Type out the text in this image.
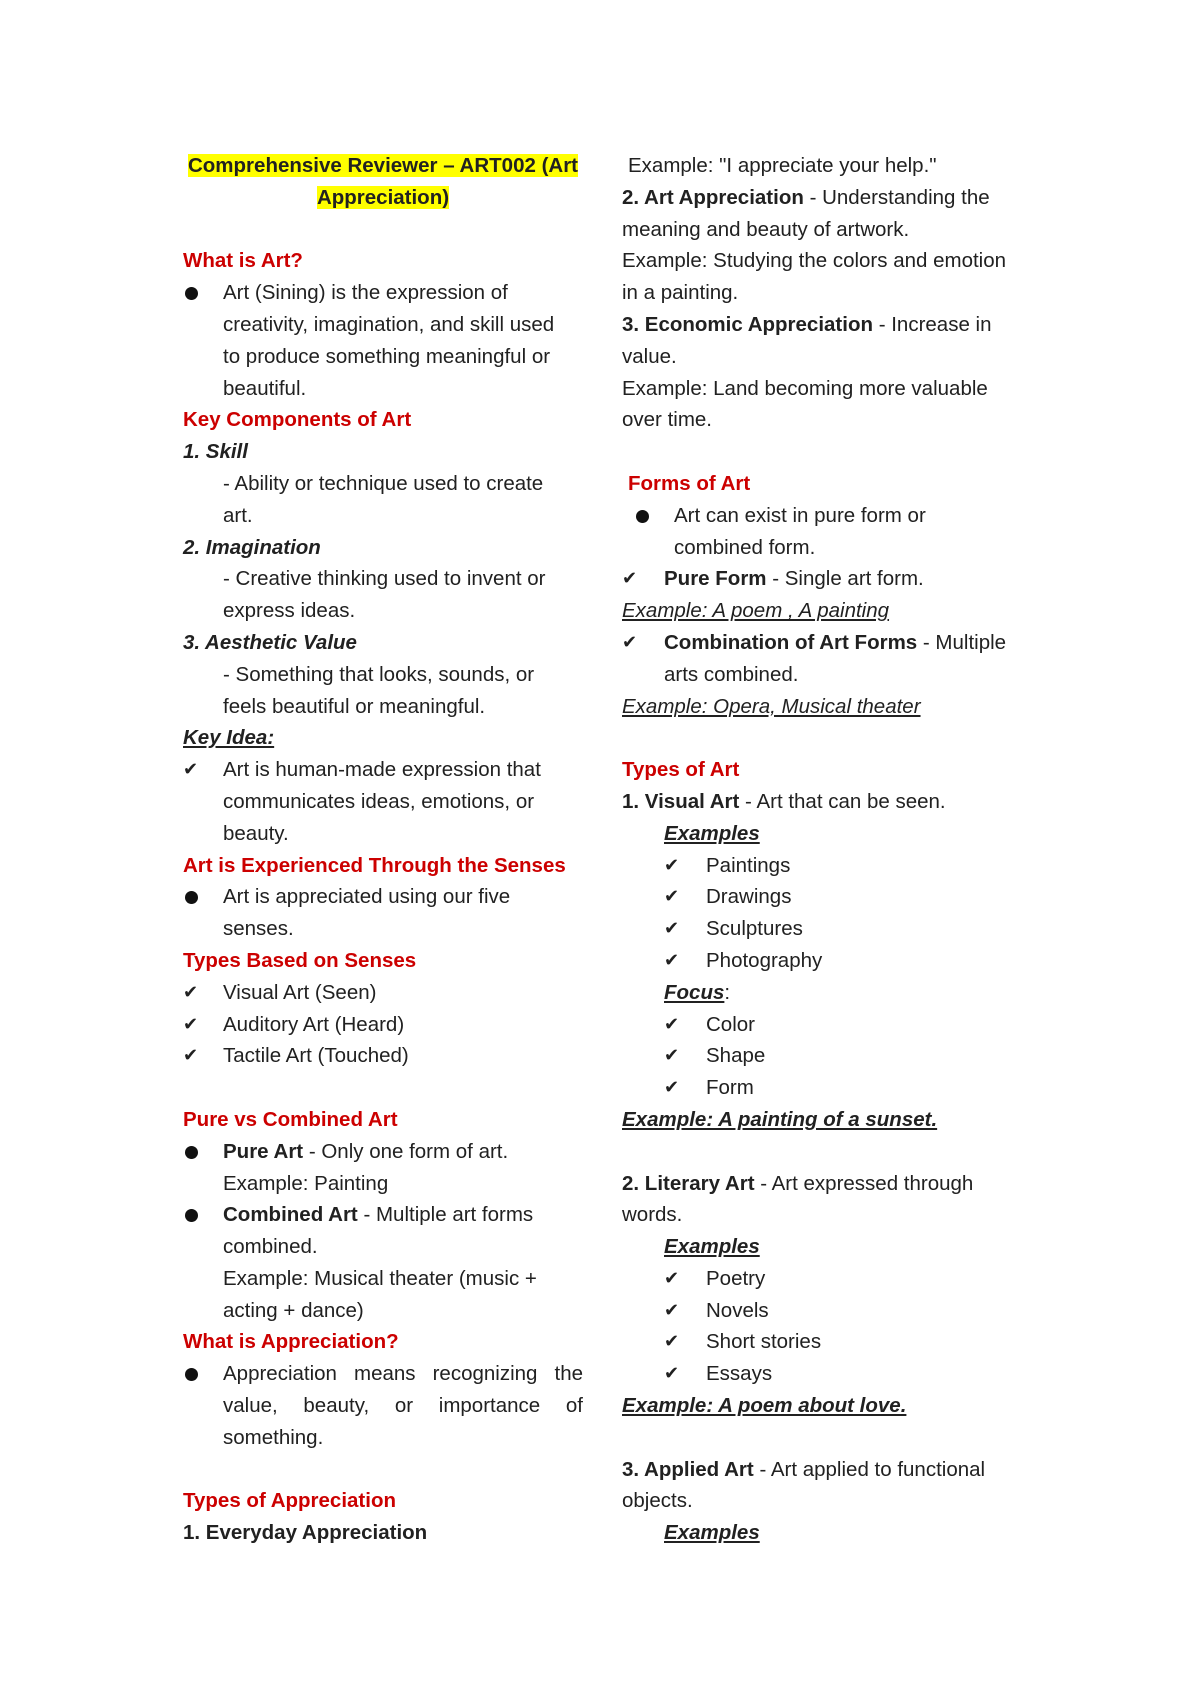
Comprehensive Reviewer – ART002 (Art
Appreciation)
What is Art?
Art (Sining) is the expression of
creativity, imagination, and skill used
to produce something meaningful or
beautiful.
Key Components of Art
1. Skill
- Ability or technique used to create
art.
2. Imagination
- Creative thinking used to invent or
express ideas.
3. Aesthetic Value
- Something that looks, sounds, or
feels beautiful or meaningful.
Key Idea:
✔	Art is human-made expression that
communicates ideas, emotions, or
beauty.
Art is Experienced Through the Senses
Art is appreciated using our five
senses.
Types Based on Senses
✔	Visual Art (Seen)
✔	Auditory Art (Heard)
✔	Tactile Art (Touched)
Pure vs Combined Art
Pure Art - Only one form of art.
Example: Painting
Combined Art - Multiple art forms
combined.
Example: Musical theater (music +
acting + dance)
What is Appreciation?
Appreciation means recognizing the value, beauty, or importance of something.
Types of Appreciation
1. Everyday Appreciation
Example: "I appreciate your help."
2. Art Appreciation - Understanding the
meaning and beauty of artwork.
Example: Studying the colors and emotion
in a painting.
3. Economic Appreciation - Increase in
value.
Example: Land becoming more valuable
over time.
Forms of Art
Art can exist in pure form or
combined form.
✔	Pure Form - Single art form.
Example: A poem , A painting
✔	Combination of Art Forms - Multiple
arts combined.
Example: Opera, Musical theater
Types of Art
1. Visual Art - Art that can be seen.
Examples
✔	Paintings
✔	Drawings
✔	Sculptures
✔	Photography
Focus:
✔	Color
✔	Shape
✔	Form
Example: A painting of a sunset.
2. Literary Art - Art expressed through
words.
Examples
✔	Poetry
✔	Novels
✔	Short stories
✔	Essays
Example: A poem about love.
3. Applied Art - Art applied to functional
objects.
Examples
